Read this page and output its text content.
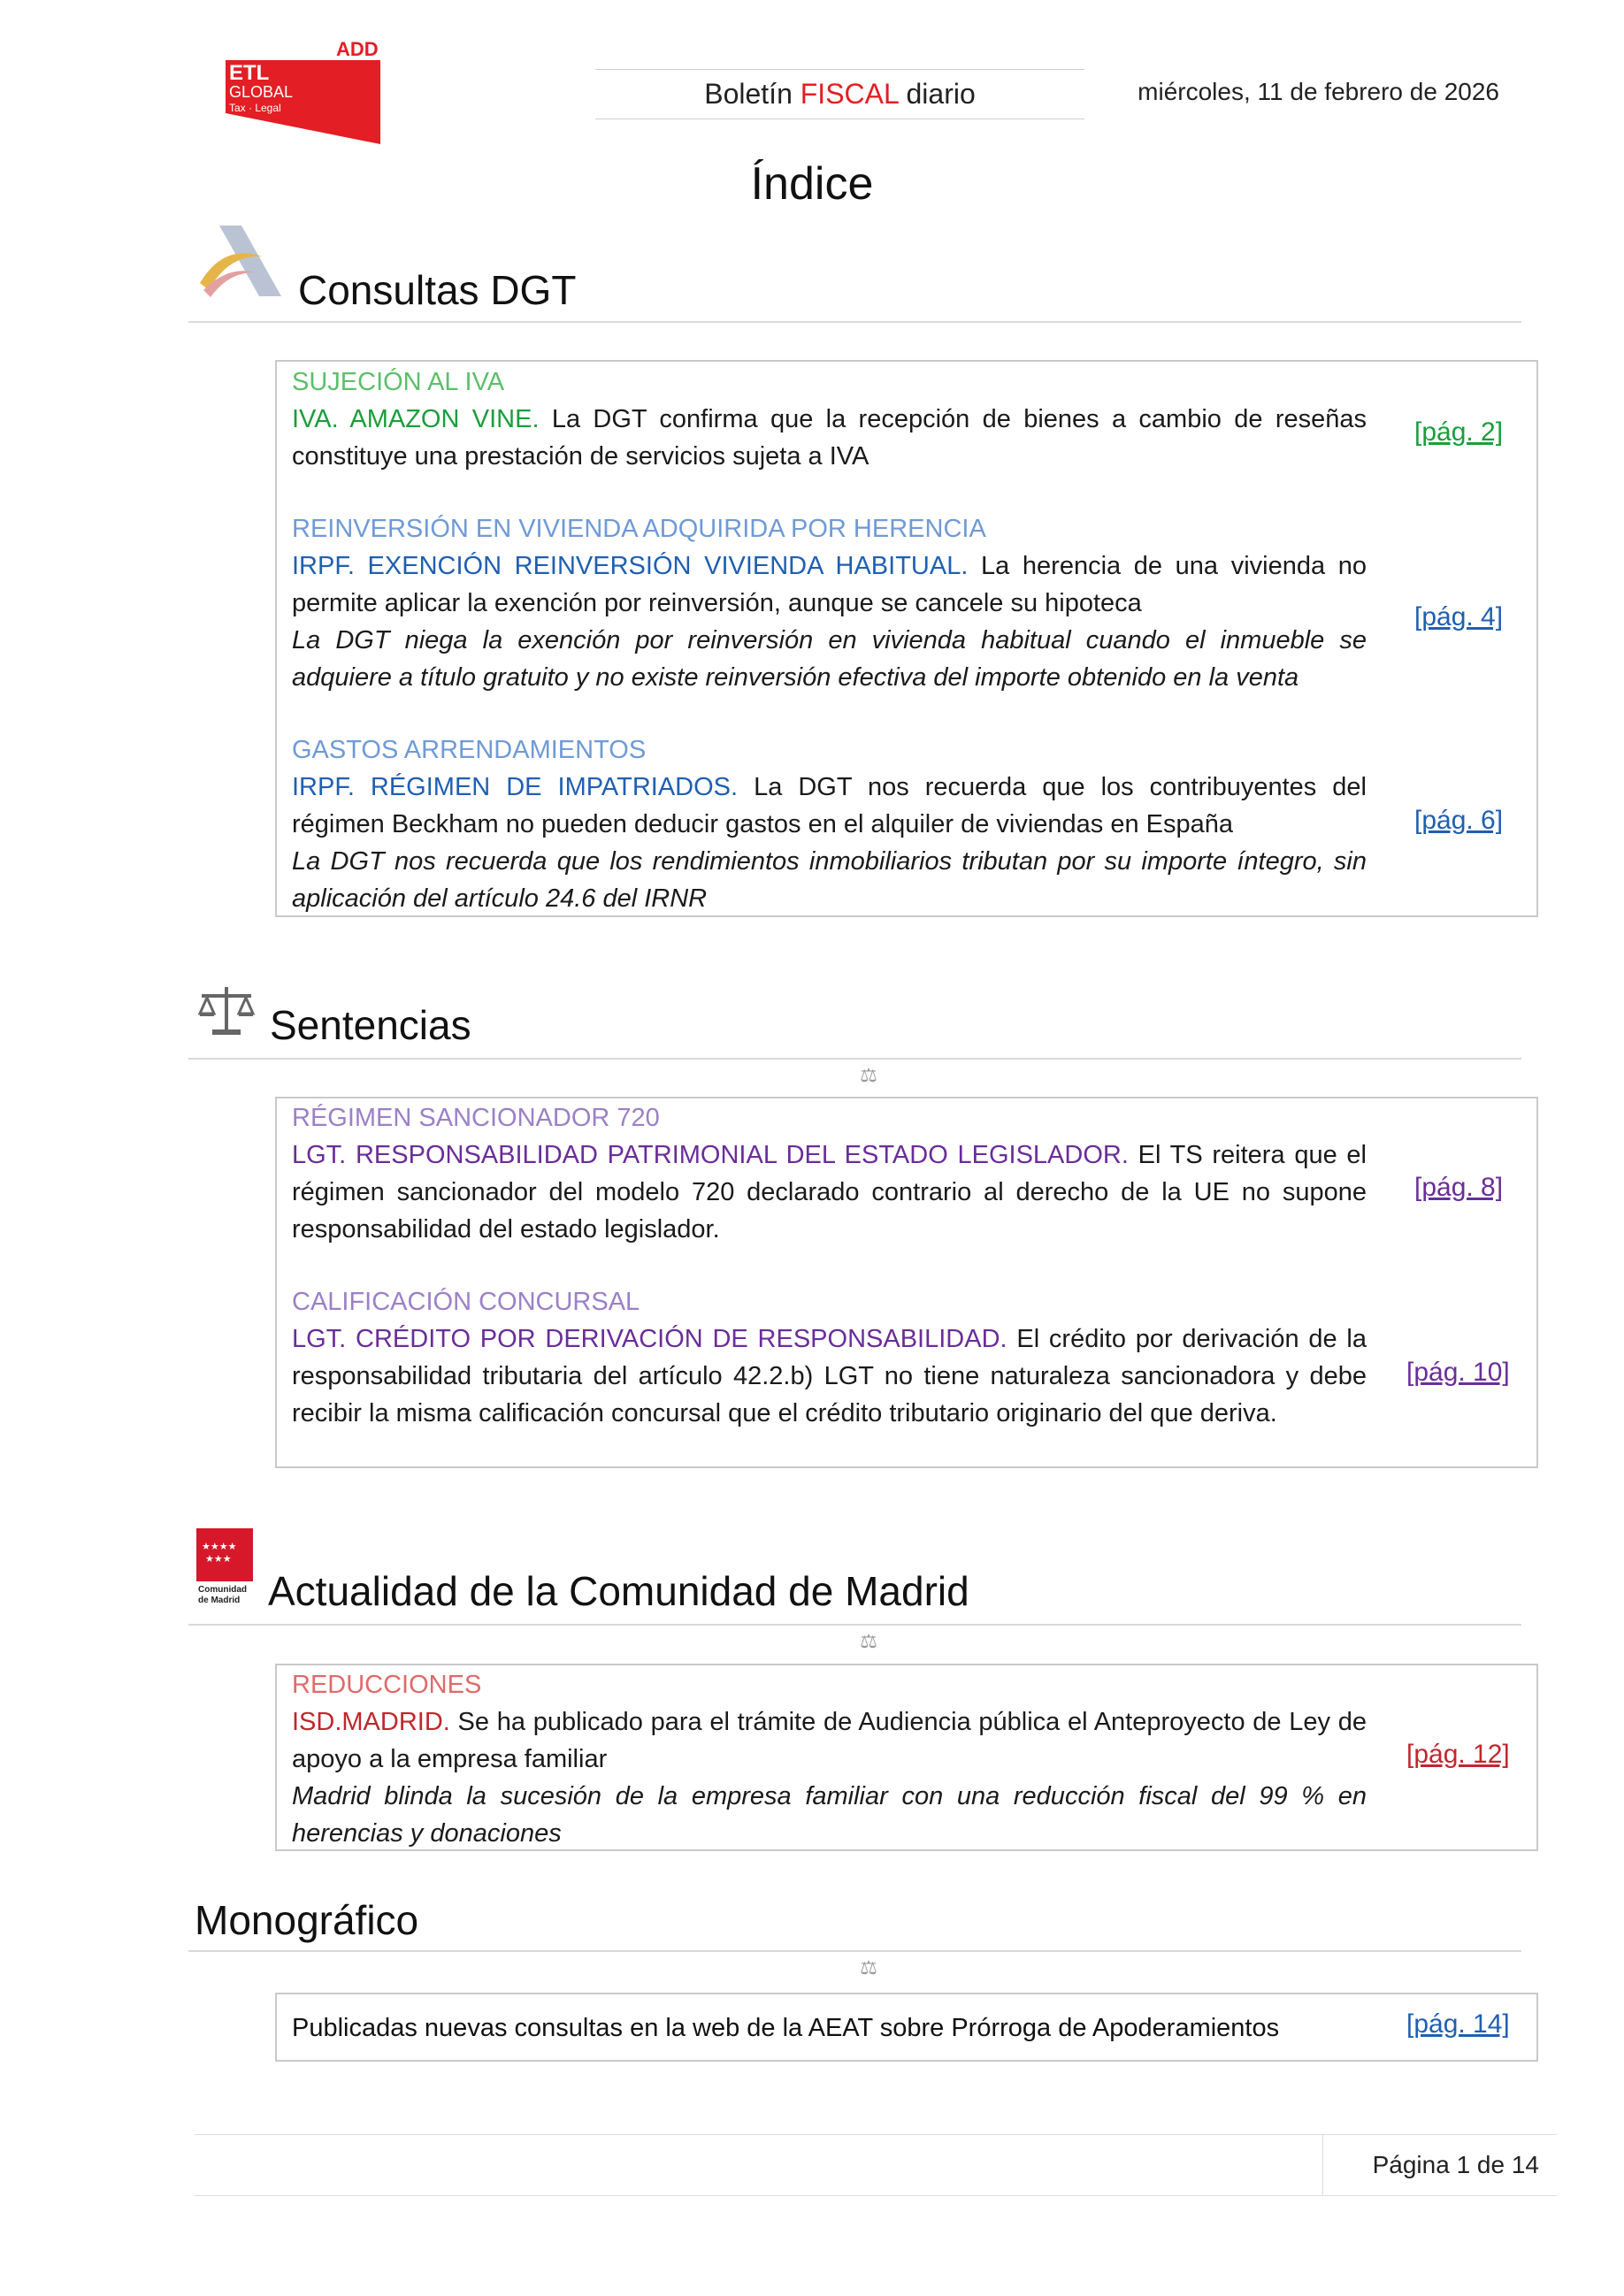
ADD
ETL
GLOBAL
Tax · Legal	Boletín FISCAL diario	miércoles, 11 de febrero de 2026
Índice
Consultas DGT
SUJECIÓN AL IVA
IVA. AMAZON VINE. La DGT confirma que la recepción de bienes a cambio de reseñas constituye una prestación de servicios sujeta a IVA
[pág. 2]
REINVERSIÓN EN VIVIENDA ADQUIRIDA POR HERENCIA
IRPF. EXENCIÓN REINVERSIÓN VIVIENDA HABITUAL. La herencia de una vivienda no permite aplicar la exención por reinversión, aunque se cancele su hipoteca
La DGT niega la exención por reinversión en vivienda habitual cuando el inmueble se adquiere a título gratuito y no existe reinversión efectiva del importe obtenido en la venta
[pág. 4]
GASTOS ARRENDAMIENTOS
IRPF. RÉGIMEN DE IMPATRIADOS. La DGT nos recuerda que los contribuyentes del régimen Beckham no pueden deducir gastos en el alquiler de viviendas en España
La DGT nos recuerda que los rendimientos inmobiliarios tributan por su importe íntegro, sin aplicación del artículo 24.6 del IRNR
[pág. 6]
Sentencias
⚖
RÉGIMEN SANCIONADOR 720
LGT. RESPONSABILIDAD PATRIMONIAL DEL ESTADO LEGISLADOR. El TS reitera que el régimen sancionador del modelo 720 declarado contrario al derecho de la UE no supone responsabilidad del estado legislador.
[pág. 8]
CALIFICACIÓN CONCURSAL
LGT. CRÉDITO POR DERIVACIÓN DE RESPONSABILIDAD. El crédito por derivación de la responsabilidad tributaria del artículo 42.2.b) LGT no tiene naturaleza sancionadora y debe recibir la misma calificación concursal que el crédito tributario originario del que deriva.
[pág. 10]
★★★★
★★★
Comunidad
de Madrid Actualidad de la Comunidad de Madrid
⚖
REDUCCIONES
ISD.MADRID. Se ha publicado para el trámite de Audiencia pública el Anteproyecto de Ley de apoyo a la empresa familiar
Madrid blinda la sucesión de la empresa familiar con una reducción fiscal del 99 % en herencias y donaciones
[pág. 12]
Monográfico
⚖
Publicadas nuevas consultas en la web de la AEAT sobre Prórroga de Apoderamientos	[pág. 14]
Página 1 de 14
